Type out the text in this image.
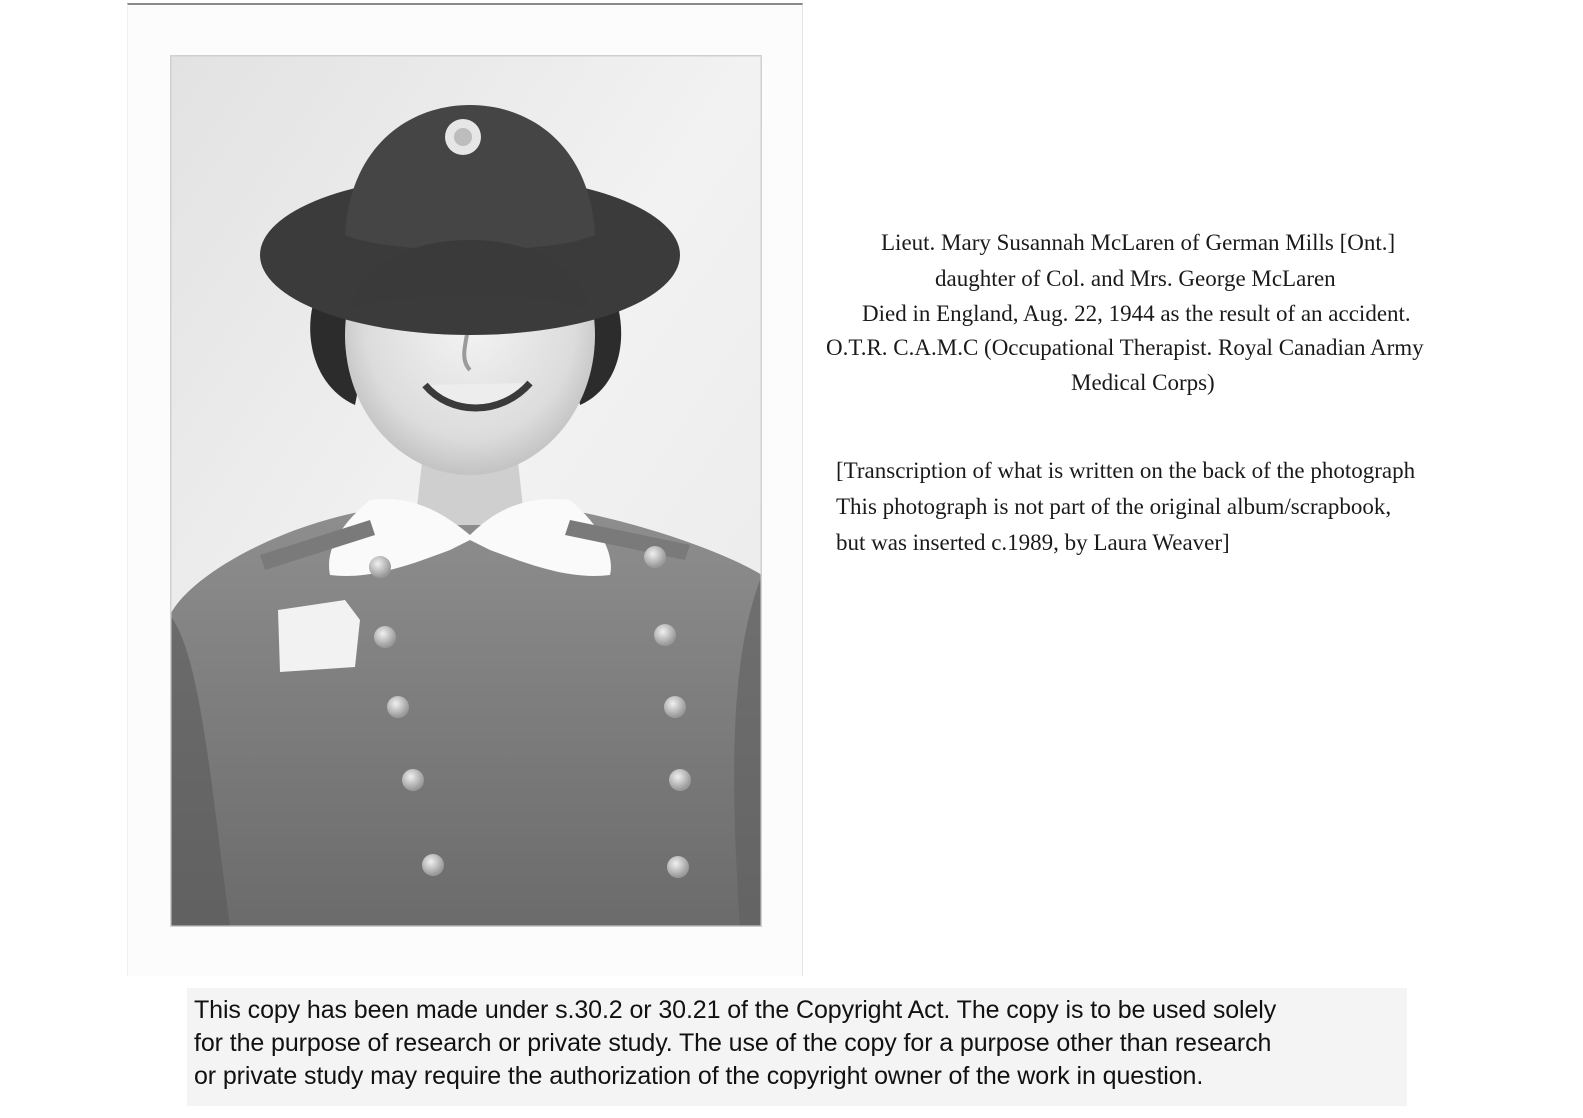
Lieut. Mary Susannah McLaren of German Mills [Ont.]
daughter of Col. and Mrs. George McLaren
Died in England, Aug. 22, 1944 as the result of an accident.
O.T.R. C.A.M.C (Occupational Therapist. Royal Canadian Army
Medical Corps)
[Transcription of what is written on the back of the photograph
This photograph is not part of the original album/scrapbook,
but was inserted c.1989, by Laura Weaver]
This copy has been made under s.30.2 or 30.21 of the Copyright Act. The copy is to be used solely
for the purpose of research or private study. The use of the copy for a purpose other than research
or private study may require the authorization of the copyright owner of the work in question.
